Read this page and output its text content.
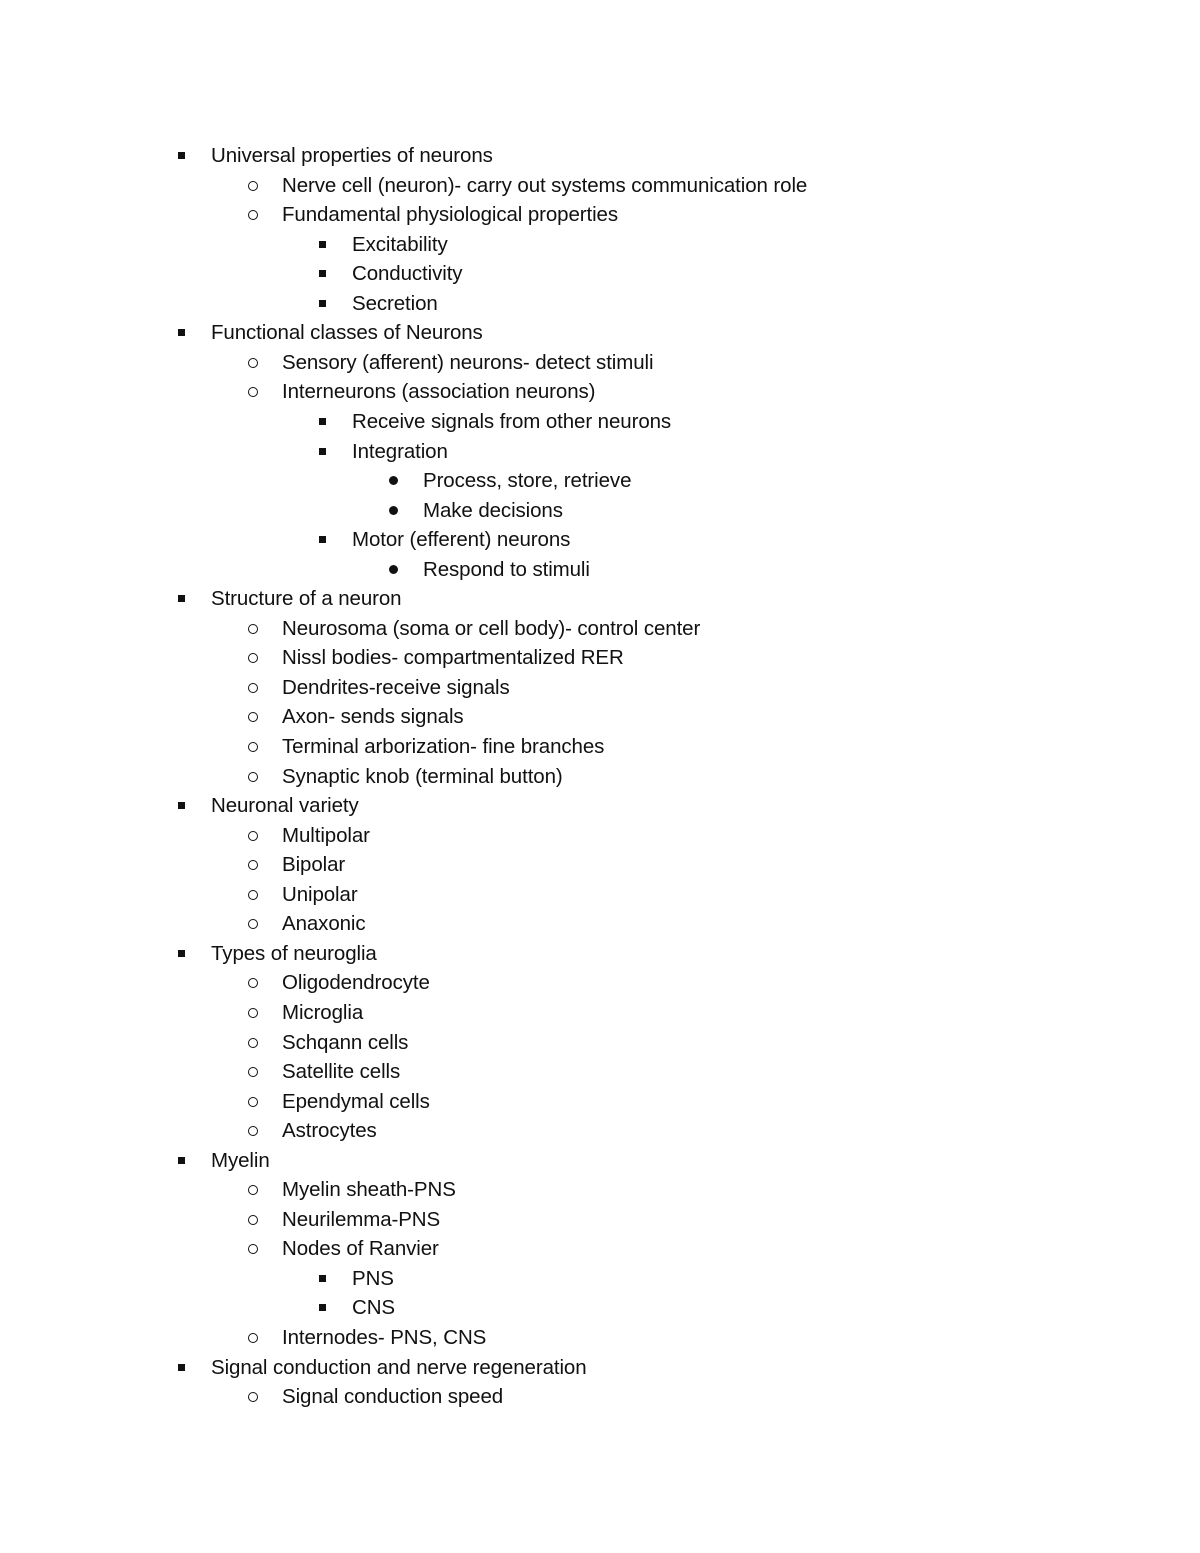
Universal properties of neurons
Nerve cell (neuron)- carry out systems communication role
Fundamental physiological properties
Excitability
Conductivity
Secretion
Functional classes of Neurons
Sensory (afferent) neurons- detect stimuli
Interneurons (association neurons)
Receive signals from other neurons
Integration
Process, store, retrieve
Make decisions
Motor (efferent) neurons
Respond to stimuli
Structure of a neuron
Neurosoma (soma or cell body)- control center
Nissl bodies- compartmentalized RER
Dendrites-receive signals
Axon- sends signals
Terminal arborization- fine branches
Synaptic knob (terminal button)
Neuronal variety
Multipolar
Bipolar
Unipolar
Anaxonic
Types of neuroglia
Oligodendrocyte
Microglia
Schqann cells
Satellite cells
Ependymal cells
Astrocytes
Myelin
Myelin sheath-PNS
Neurilemma-PNS
Nodes of Ranvier
PNS
CNS
Internodes- PNS, CNS
Signal conduction and nerve regeneration
Signal conduction speed
